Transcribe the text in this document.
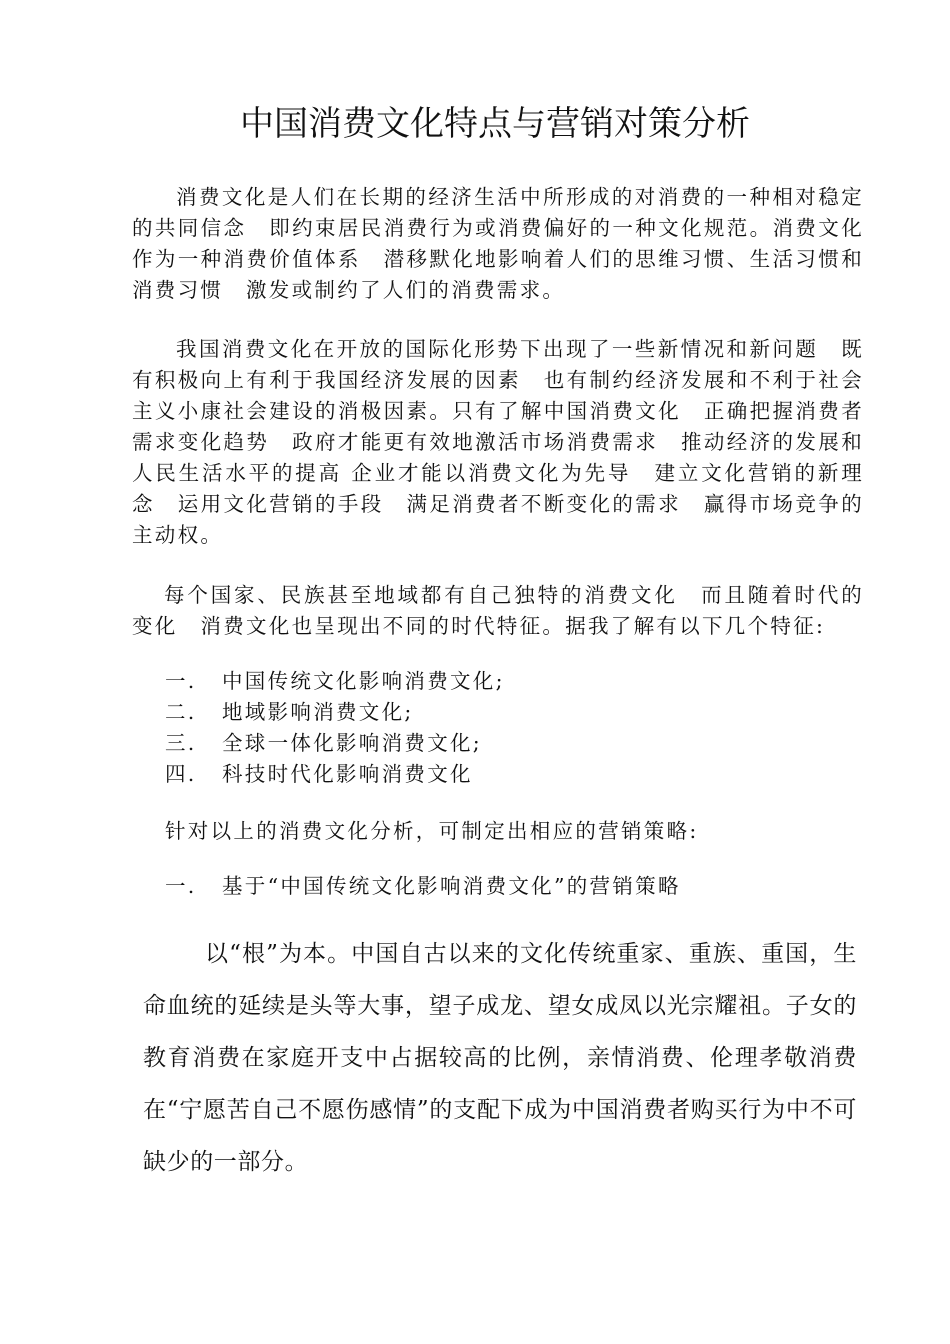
中国消费文化特点与营销对策分析

消费文化是人们在长期的经济生活中所形成的对消费的一种相对稳定的共同信念　即约束居民消费行为或消费偏好的一种文化规范。消费文化作为一种消费价值体系　潜移默化地影响着人们的思维习惯、生活习惯和消费习惯　激发或制约了人们的消费需求。

我国消费文化在开放的国际化形势下出现了一些新情况和新问题　既有积极向上有利于我国经济发展的因素　也有制约经济发展和不利于社会主义小康社会建设的消极因素。只有了解中国消费文化　正确把握消费者需求变化趋势　政府才能更有效地激活市场消费需求　推动经济的发展和人民生活水平的提高 企业才能以消费文化为先导　建立文化营销的新理念　运用文化营销的手段　满足消费者不断变化的需求　赢得市场竞争的主动权。

每个国家、民族甚至地域都有自己独特的消费文化　而且随着时代的变化　消费文化也呈现出不同的时代特征。据我了解有以下几个特征:

一.	中国传统文化影响消费文化;
二.	地域影响消费文化;
三.	全球一体化影响消费文化;
四.	科技时代化影响消费文化

针对以上的消费文化分析，可制定出相应的营销策略:

一.	基于“中国传统文化影响消费文化”的营销策略

以“根”为本。中国自古以来的文化传统重家、重族、重国，生命血统的延续是头等大事，望子成龙、望女成凤以光宗耀祖。子女的教育消费在家庭开支中占据较高的比例，亲情消费、伦理孝敬消费在“宁愿苦自己不愿伤感情”的支配下成为中国消费者购买行为中不可缺少的一部分。
